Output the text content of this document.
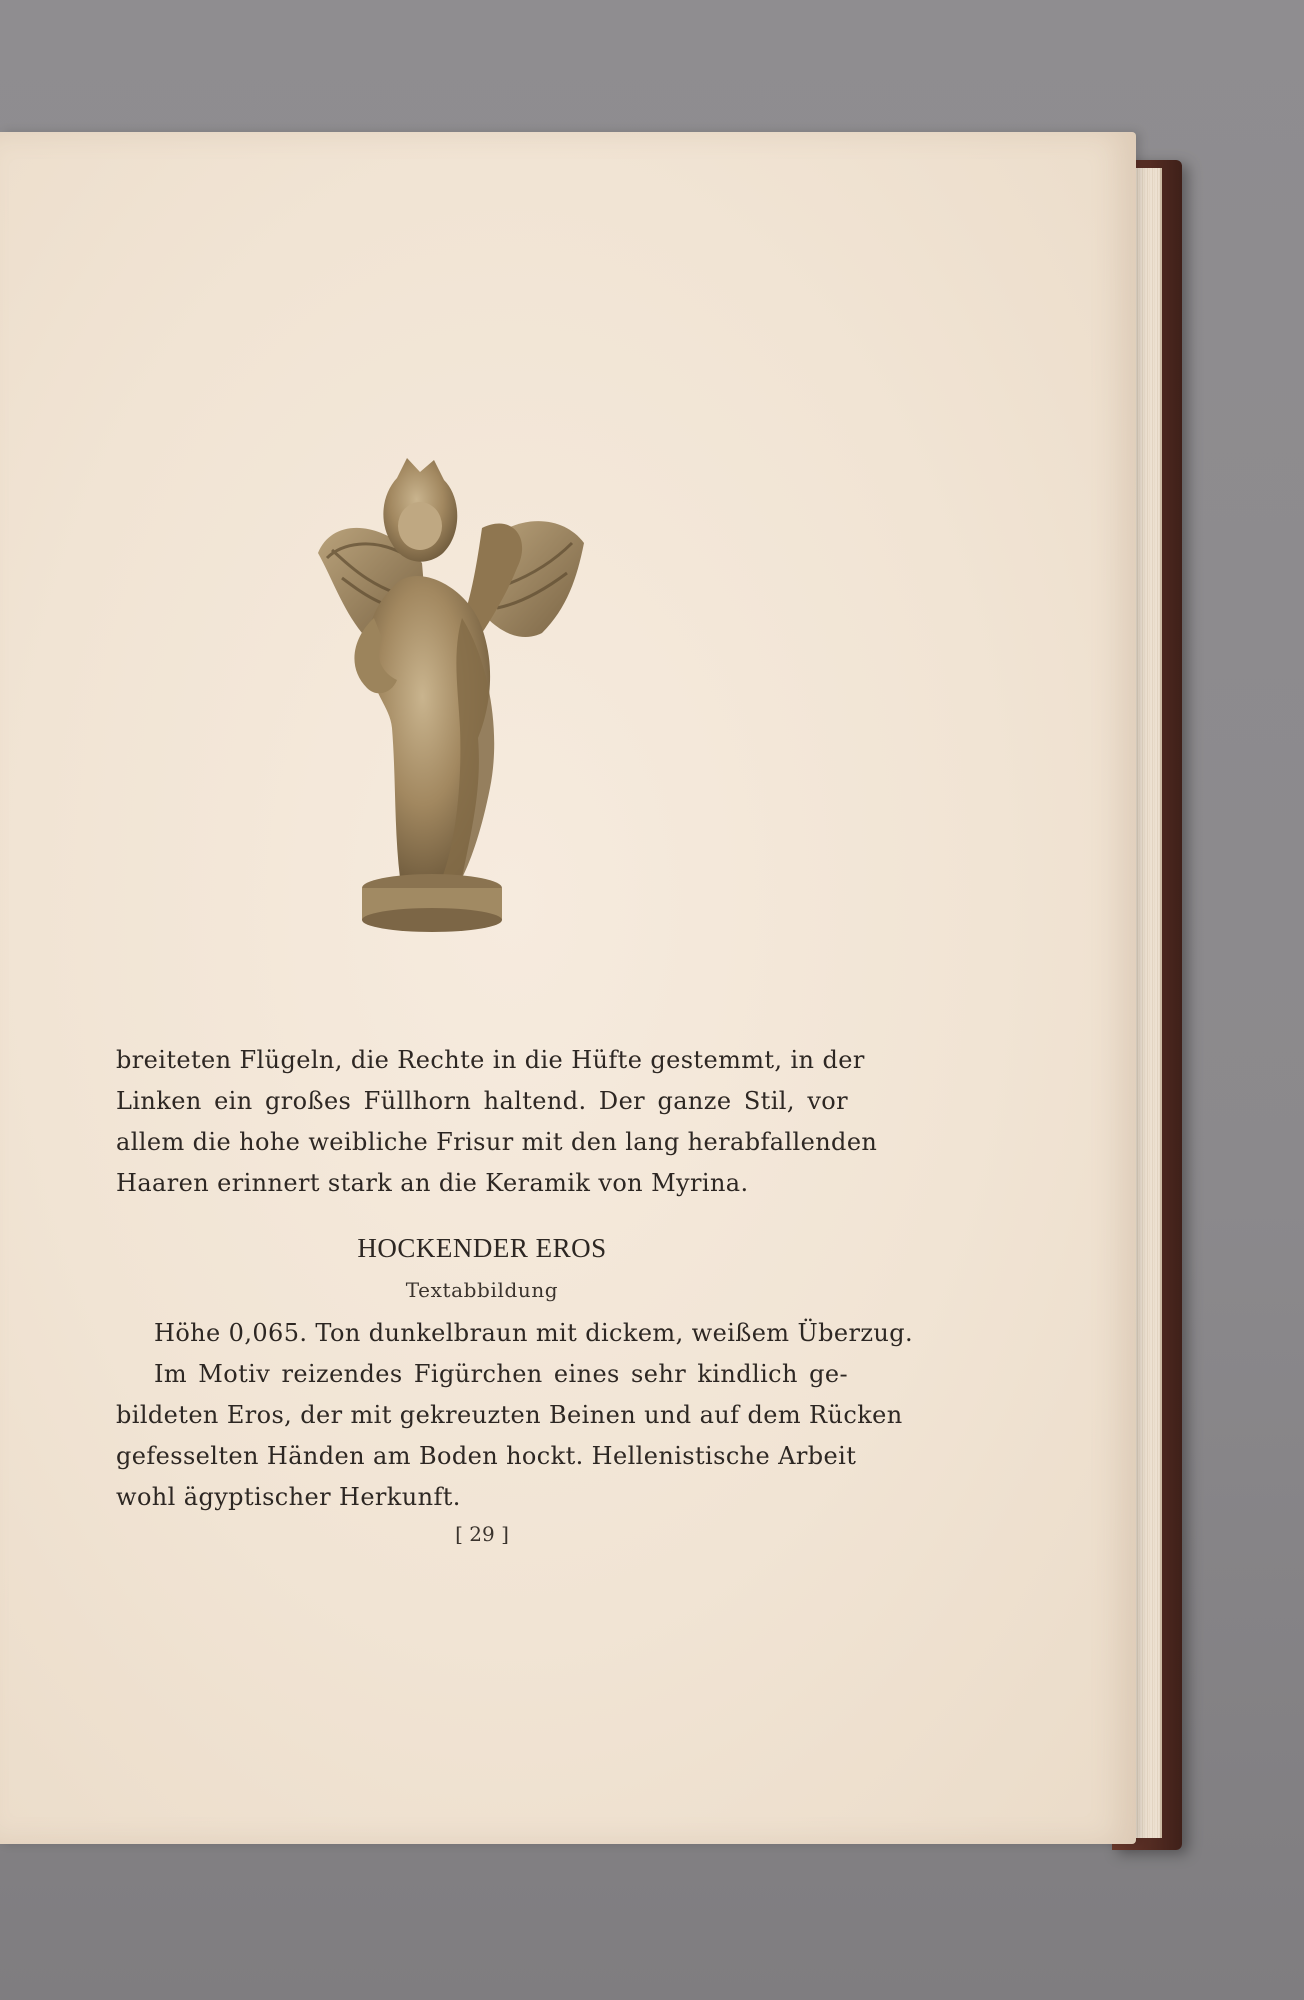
breiteten Flügeln, die Rechte in die Hüfte gestemmt, in der
Linken ein großes Füllhorn haltend. Der ganze Stil, vor
allem die hohe weibliche Frisur mit den lang herabfallenden
Haaren erinnert stark an die Keramik von Myrina.
HOCKENDER EROS
Textabbildung
Höhe 0,065. Ton dunkelbraun mit dickem, weißem Überzug.
Im Motiv reizendes Figürchen eines sehr kindlich ge-
bildeten Eros, der mit gekreuzten Beinen und auf dem Rücken
gefesselten Händen am Boden hockt. Hellenistische Arbeit
wohl ägyptischer Herkunft.
[ 29 ]
